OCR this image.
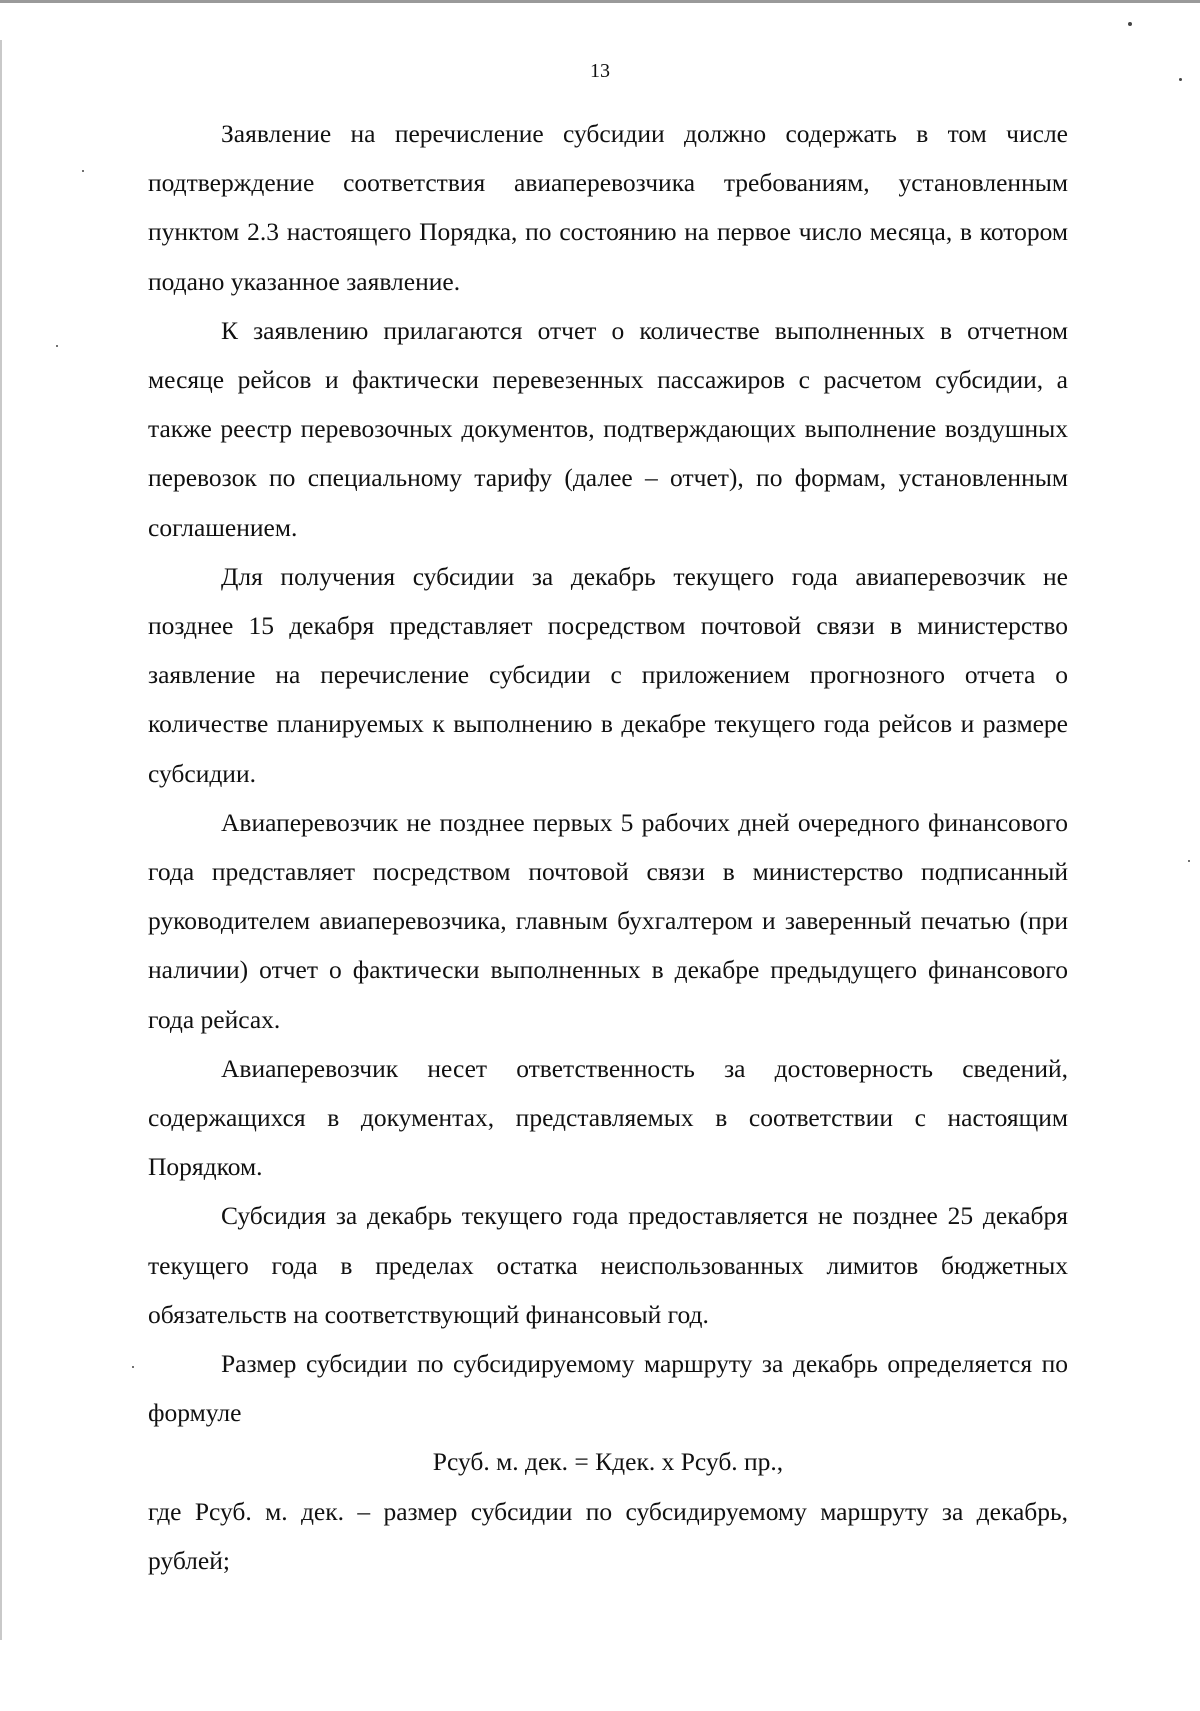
13

Заявление на перечисление субсидии должно содержать в том числе подтверждение соответствия авиаперевозчика требованиям, установленным пунктом 2.3 настоящего Порядка, по состоянию на первое число месяца, в котором подано указанное заявление.

К заявлению прилагаются отчет о количестве выполненных в отчетном месяце рейсов и фактически перевезенных пассажиров с расчетом субсидии, а также реестр перевозочных документов, подтверждающих выполнение воздушных перевозок по специальному тарифу (далее – отчет), по формам, установленным соглашением.

Для получения субсидии за декабрь текущего года авиаперевозчик не позднее 15 декабря представляет посредством почтовой связи в министерство заявление на перечисление субсидии с приложением прогнозного отчета о количестве планируемых к выполнению в декабре текущего года рейсов и размере субсидии.

Авиаперевозчик не позднее первых 5 рабочих дней очередного финансового года представляет посредством почтовой связи в министерство подписанный руководителем авиаперевозчика, главным бухгалтером и заверенный печатью (при наличии) отчет о фактически выполненных в декабре предыдущего финансового года рейсах.

Авиаперевозчик несет ответственность за достоверность сведений, содержащихся в документах, представляемых в соответствии с настоящим Порядком.

Субсидия за декабрь текущего года предоставляется не позднее 25 декабря текущего года в пределах остатка неиспользованных лимитов бюджетных обязательств на соответствующий финансовый год.

Размер субсидии по субсидируемому маршруту за декабрь определяется по формуле

Рсуб. м. дек. = Кдек. х Рсуб. пр.,

где Рсуб. м. дек. – размер субсидии по субсидируемому маршруту за декабрь, рублей;
